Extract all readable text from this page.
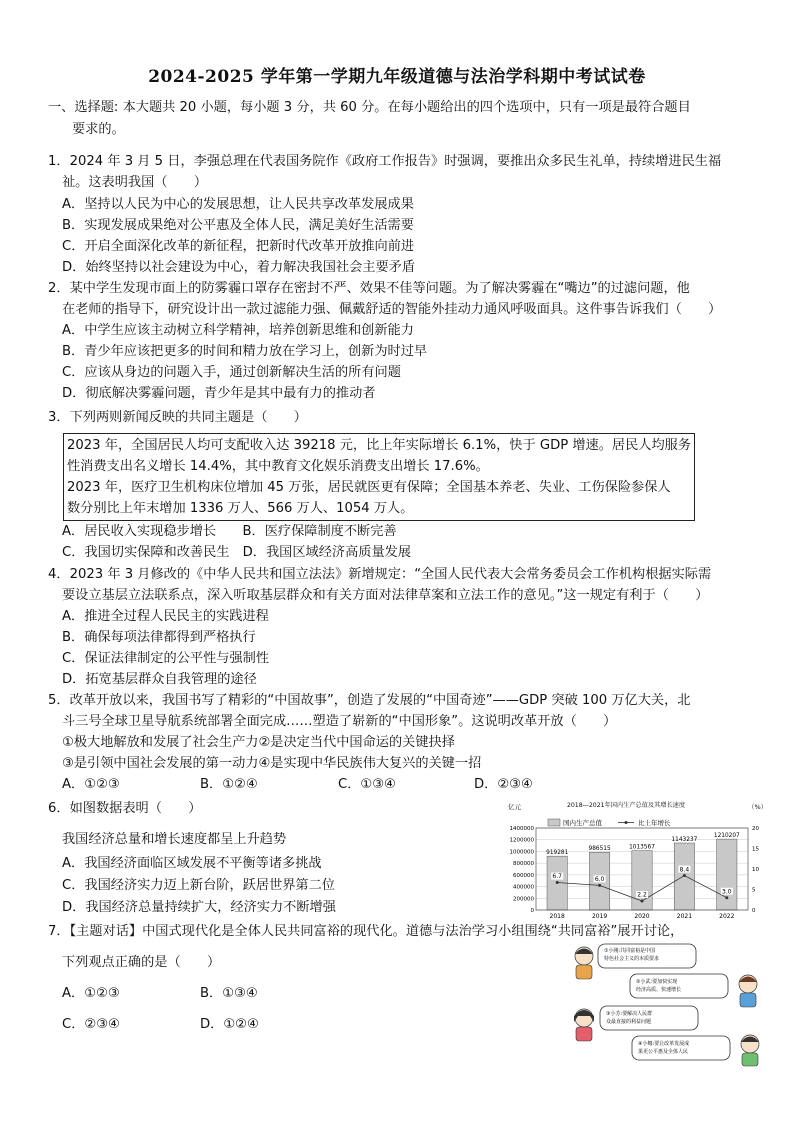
2024-2025 学年第一学期九年级道德与法治学科期中考试试卷
一、选择题: 本大题共 20 小题，每小题 3 分，共 60 分。在每小题给出的四个选项中，只有一项是最符合题目
要求的。
1．2024 年 3 月 5 日，李强总理在代表国务院作《政府工作报告》时强调，要推出众多民生礼单，持续增进民生福
祉。这表明我国（　　）
A．坚持以人民为中心的发展思想，让人民共享改革发展成果
B．实现发展成果绝对公平惠及全体人民，满足美好生活需要
C．开启全面深化改革的新征程，把新时代改革开放推向前进
D．始终坚持以社会建设为中心，着力解决我国社会主要矛盾
2．某中学生发现市面上的防雾霾口罩存在密封不严、效果不佳等问题。为了解决雾霾在“嘴边”的过滤问题，他
在老师的指导下，研究设计出一款过滤能力强、佩戴舒适的智能外挂动力通风呼吸面具。这件事告诉我们（　　）
A．中学生应该主动树立科学精神，培养创新思维和创新能力
B．青少年应该把更多的时间和精力放在学习上，创新为时过早
C．应该从身边的问题入手，通过创新解决生活的所有问题
D．彻底解决雾霾问题，青少年是其中最有力的推动者
3．下列两则新闻反映的共同主题是（　　）
2023 年，全国居民人均可支配收入达 39218 元，比上年实际增长 6.1%，快于 GDP 增速。居民人均服务
性消费支出名义增长 14.4%，其中教育文化娱乐消费支出增长 17.6%。
2023 年，医疗卫生机构床位增加 45 万张，居民就医更有保障；全国基本养老、失业、工伤保险参保人
数分别比上年末增加 1336 万人、566 万人、1054 万人。
A．居民收入实现稳步增长　　B．医疗保障制度不断完善
C．我国切实保障和改善民生　D．我国区域经济高质量发展
4．2023 年 3 月修改的《中华人民共和国立法法》新增规定：“全国人民代表大会常务委员会工作机构根据实际需
要设立基层立法联系点，深入听取基层群众和有关方面对法律草案和立法工作的意见。”这一规定有利于（　　）
A．推进全过程人民民主的实践进程
B．确保每项法律都得到严格执行
C．保证法律制定的公平性与强制性
D．拓宽基层群众自我管理的途径
5．改革开放以来，我国书写了精彩的“中国故事”，创造了发展的“中国奇迹”——GDP 突破 100 万亿大关，北
斗三号全球卫星导航系统部署全面完成……塑造了崭新的“中国形象”。这说明改革开放（　　）
①极大地解放和发展了社会生产力②是决定当代中国命运的关键抉择
③是引领中国社会发展的第一动力④是实现中华民族伟大复兴的关键一招
A．①②③	B．①②④	C．①③④	D．②③④
6．如图数据表明（　　）
我国经济总量和增长速度都呈上升趋势
A．我国经济面临区域发展不平衡等诸多挑战
C．我国经济实力迈上新台阶，跃居世界第二位
D．我国经济总量持续扩大，经济实力不断增强
2018—2021年国内生产总值及其增长速度
亿元	（%）
919281
986515	1013567
1143237
1210207
6.7	6.0
2.2
8.4
3.0
0
200000
400000
600000
800000
1000000
1200000
1400000
0
5
10
15
20
2018	2019	2020	2021	2022
国内生产总值	比上年增长
7．【主题对话】中国式现代化是全体人民共同富裕的现代化。道德与法治学习小组围绕“共同富裕”展开讨论，
下列观点正确的是（　　）
A．①②③	B．①③④
C．②③④	D．①②④
①小刚:共同富裕是中国特色社会主义的本质要求
②小武:要加快实现经济高质、快速增长
③小芳:要解决人民群众最直接的利益问题
④小娜:要让改革发展成果更公平惠及全体人民
